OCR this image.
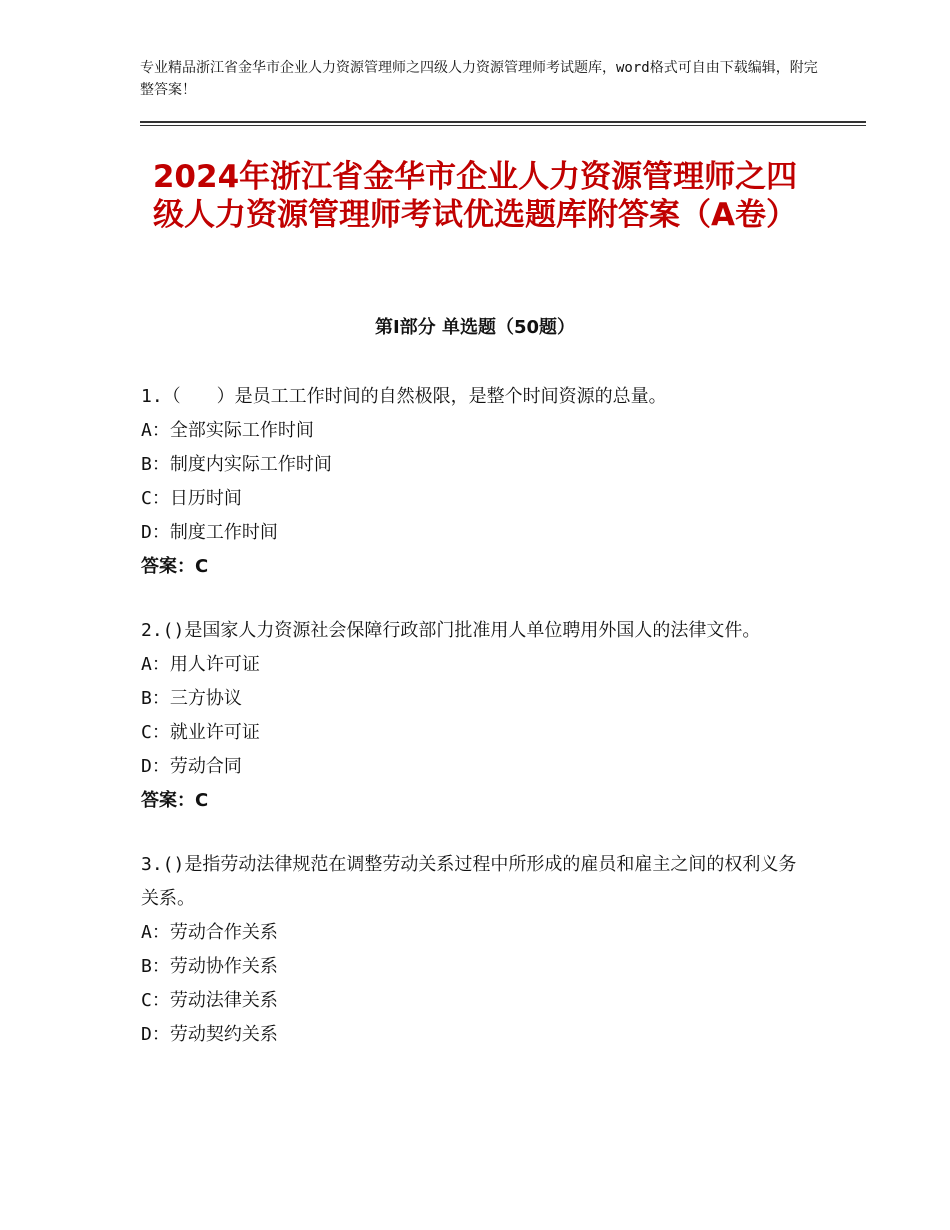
专业精品浙江省金华市企业人力资源管理师之四级人力资源管理师考试题库，word格式可自由下载编辑，附完整答案！
2024年浙江省金华市企业人力资源管理师之四级人力资源管理师考试优选题库附答案（A卷）
第Ⅰ部分 单选题（50题）
1.（　　）是员工工作时间的自然极限，是整个时间资源的总量。
A：全部实际工作时间
B：制度内实际工作时间
C：日历时间
D：制度工作时间
答案：C
2.()是国家人力资源社会保障行政部门批准用人单位聘用外国人的法律文件。
A：用人许可证
B：三方协议
C：就业许可证
D：劳动合同
答案：C
3.()是指劳动法律规范在调整劳动关系过程中所形成的雇员和雇主之间的权利义务关系。
A：劳动合作关系
B：劳动协作关系
C：劳动法律关系
D：劳动契约关系
